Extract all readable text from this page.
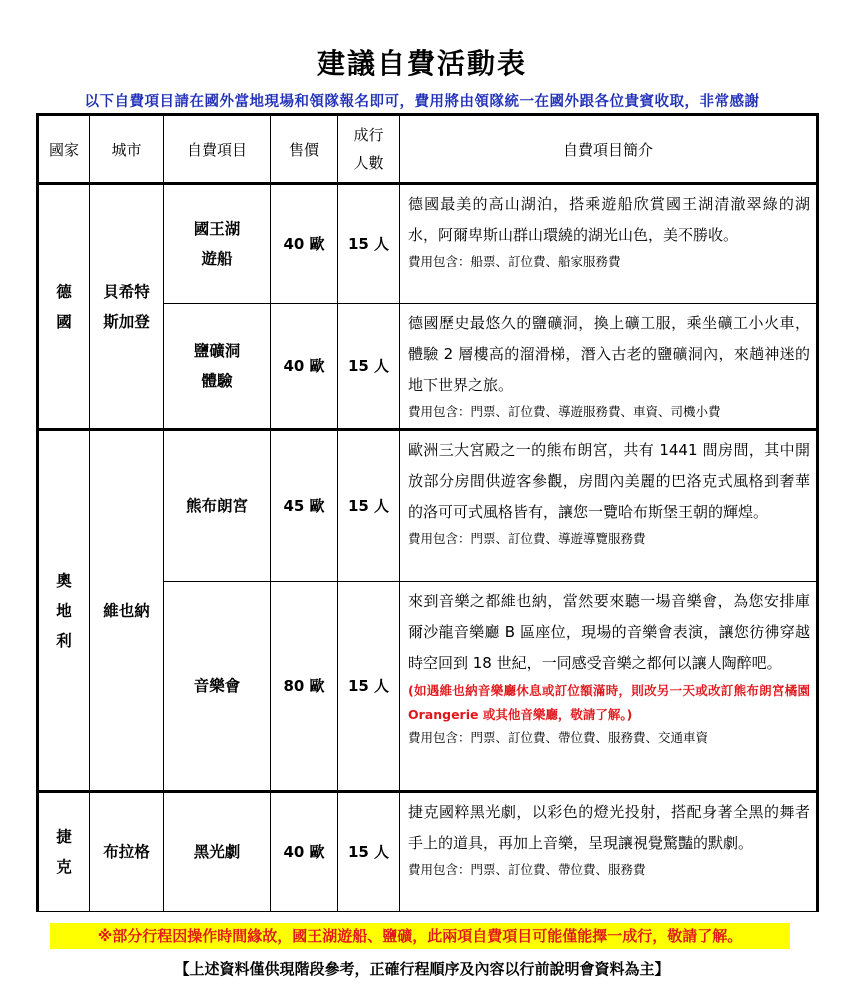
建議自費活動表
以下自費項目請在國外當地現場和領隊報名即可，費用將由領隊統一在國外跟各位貴賓收取，非常感謝
國家	城市	自費項目	售價	成行人數	自費項目簡介
德國	貝希特斯加登	國王湖遊船	40 歐	15 人	德國最美的高山湖泊，搭乘遊船欣賞國王湖清澈翠綠的湖水，阿爾卑斯山群山環繞的湖光山色，美不勝收。
費用包含：船票、訂位費、船家服務費

		鹽礦洞體驗	40 歐	15 人	德國歷史最悠久的鹽礦洞，換上礦工服，乘坐礦工小火車，體驗 2 層樓高的溜滑梯，潛入古老的鹽礦洞內，來趟神迷的地下世界之旅。
費用包含：門票、訂位費、導遊服務費、車資、司機小費

奧地利	維也納	熊布朗宮	45 歐	15 人	歐洲三大宮殿之一的熊布朗宮，共有 1441 間房間，其中開放部分房間供遊客參觀，房間內美麗的巴洛克式風格到奢華的洛可可式風格皆有，讓您一覽哈布斯堡王朝的輝煌。
費用包含：門票、訂位費、導遊導覽服務費

		音樂會	80 歐	15 人	來到音樂之都維也納，當然要來聽一場音樂會，為您安排庫爾沙龍音樂廳 B 區座位，現場的音樂會表演，讓您彷彿穿越時空回到 18 世紀，一同感受音樂之都何以讓人陶醉吧。
(如遇維也納音樂廳休息或訂位額滿時，則改另一天或改訂熊布朗宮橘園 Orangerie 或其他音樂廳，敬請了解。)
費用包含：門票、訂位費、帶位費、服務費、交通車資

捷克	布拉格	黑光劇	40 歐	15 人	捷克國粹黑光劇，以彩色的燈光投射，搭配身著全黑的舞者手上的道具，再加上音樂，呈現讓視覺驚豔的默劇。
費用包含：門票、訂位費、帶位費、服務費
※部分行程因操作時間緣故，國王湖遊船、鹽礦，此兩項自費項目可能僅能擇一成行，敬請了解。
【上述資料僅供現階段參考，正確行程順序及內容以行前說明會資料為主】
